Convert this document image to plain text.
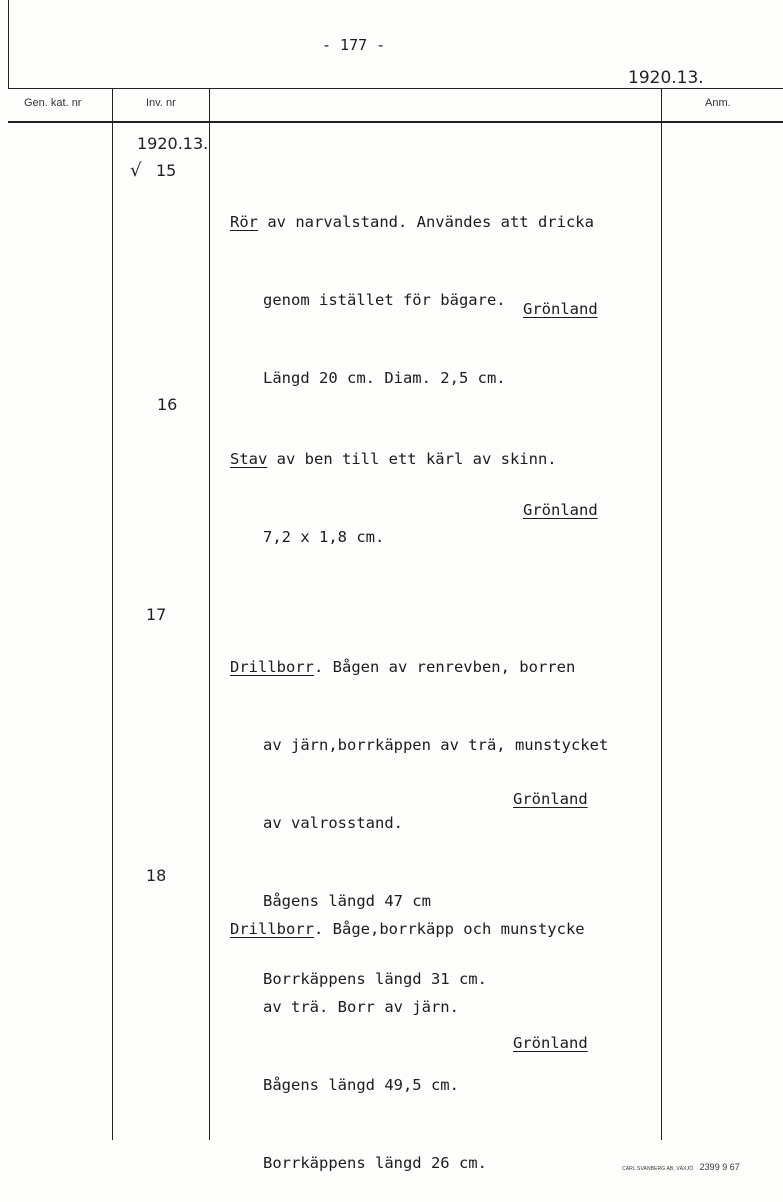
- 177 -
1920.13.
Gen. kat. nr	Inv. nr	Anm.
1920.13.
√ 15

Rör av narvalstand. Användes att dricka

genom istället för bägare.

Längd 20 cm. Diam. 2,5 cm.

Grönland
16

Stav av ben till ett kärl av skinn.

7,2 x 1,8 cm.

Grönland
17

Drillborr. Bågen av renrevben, borren

av järn,borrkäppen av trä, munstycket

av valrosstand.

Bågens längd 47 cm

Borrkäppens längd 31 cm.

Grönland
18

Drillborr. Båge,borrkäpp och munstycke

av trä. Borr av järn.

Bågens längd 49,5 cm.

Borrkäppens längd 26 cm.

Grönland
CARL SVANBERG AB, VÄXJÖ 2399 9 67
